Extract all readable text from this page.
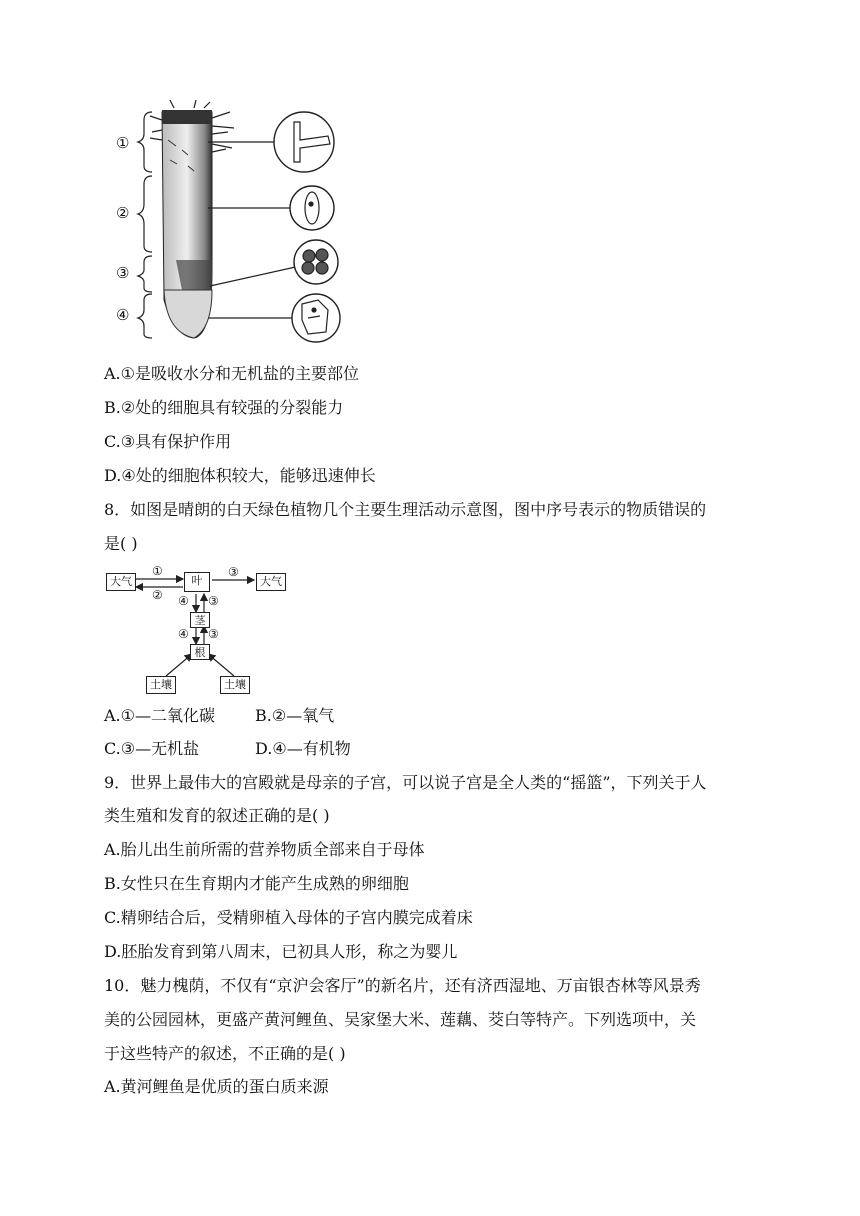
①
②
③
④
A.①是吸收水分和无机盐的主要部位
B.②处的细胞具有较强的分裂能力
C.③具有保护作用
D.④处的细胞体积较大，能够迅速伸长
8．如图是晴朗的白天绿色植物几个主要生理活动示意图，图中序号表示的物质错误的
是( )
大气	叶	大气
茎
根
土壤	土壤
①
②
③
④ ③
④ ③
A.①—二氧化碳	B.②—氧气
C.③—无机盐	D.④—有机物
9．世界上最伟大的宫殿就是母亲的子宫，可以说子宫是全人类的“摇篮”，下列关于人
类生殖和发育的叙述正确的是( )
A.胎儿出生前所需的营养物质全部来自于母体
B.女性只在生育期内才能产生成熟的卵细胞
C.精卵结合后，受精卵植入母体的子宫内膜完成着床
D.胚胎发育到第八周末，已初具人形，称之为婴儿
10．魅力槐荫，不仅有“京沪会客厅”的新名片，还有济西湿地、万亩银杏林等风景秀
美的公园园林，更盛产黄河鲤鱼、吴家堡大米、莲藕、茭白等特产。下列选项中，关
于这些特产的叙述，不正确的是( )
A.黄河鲤鱼是优质的蛋白质来源
